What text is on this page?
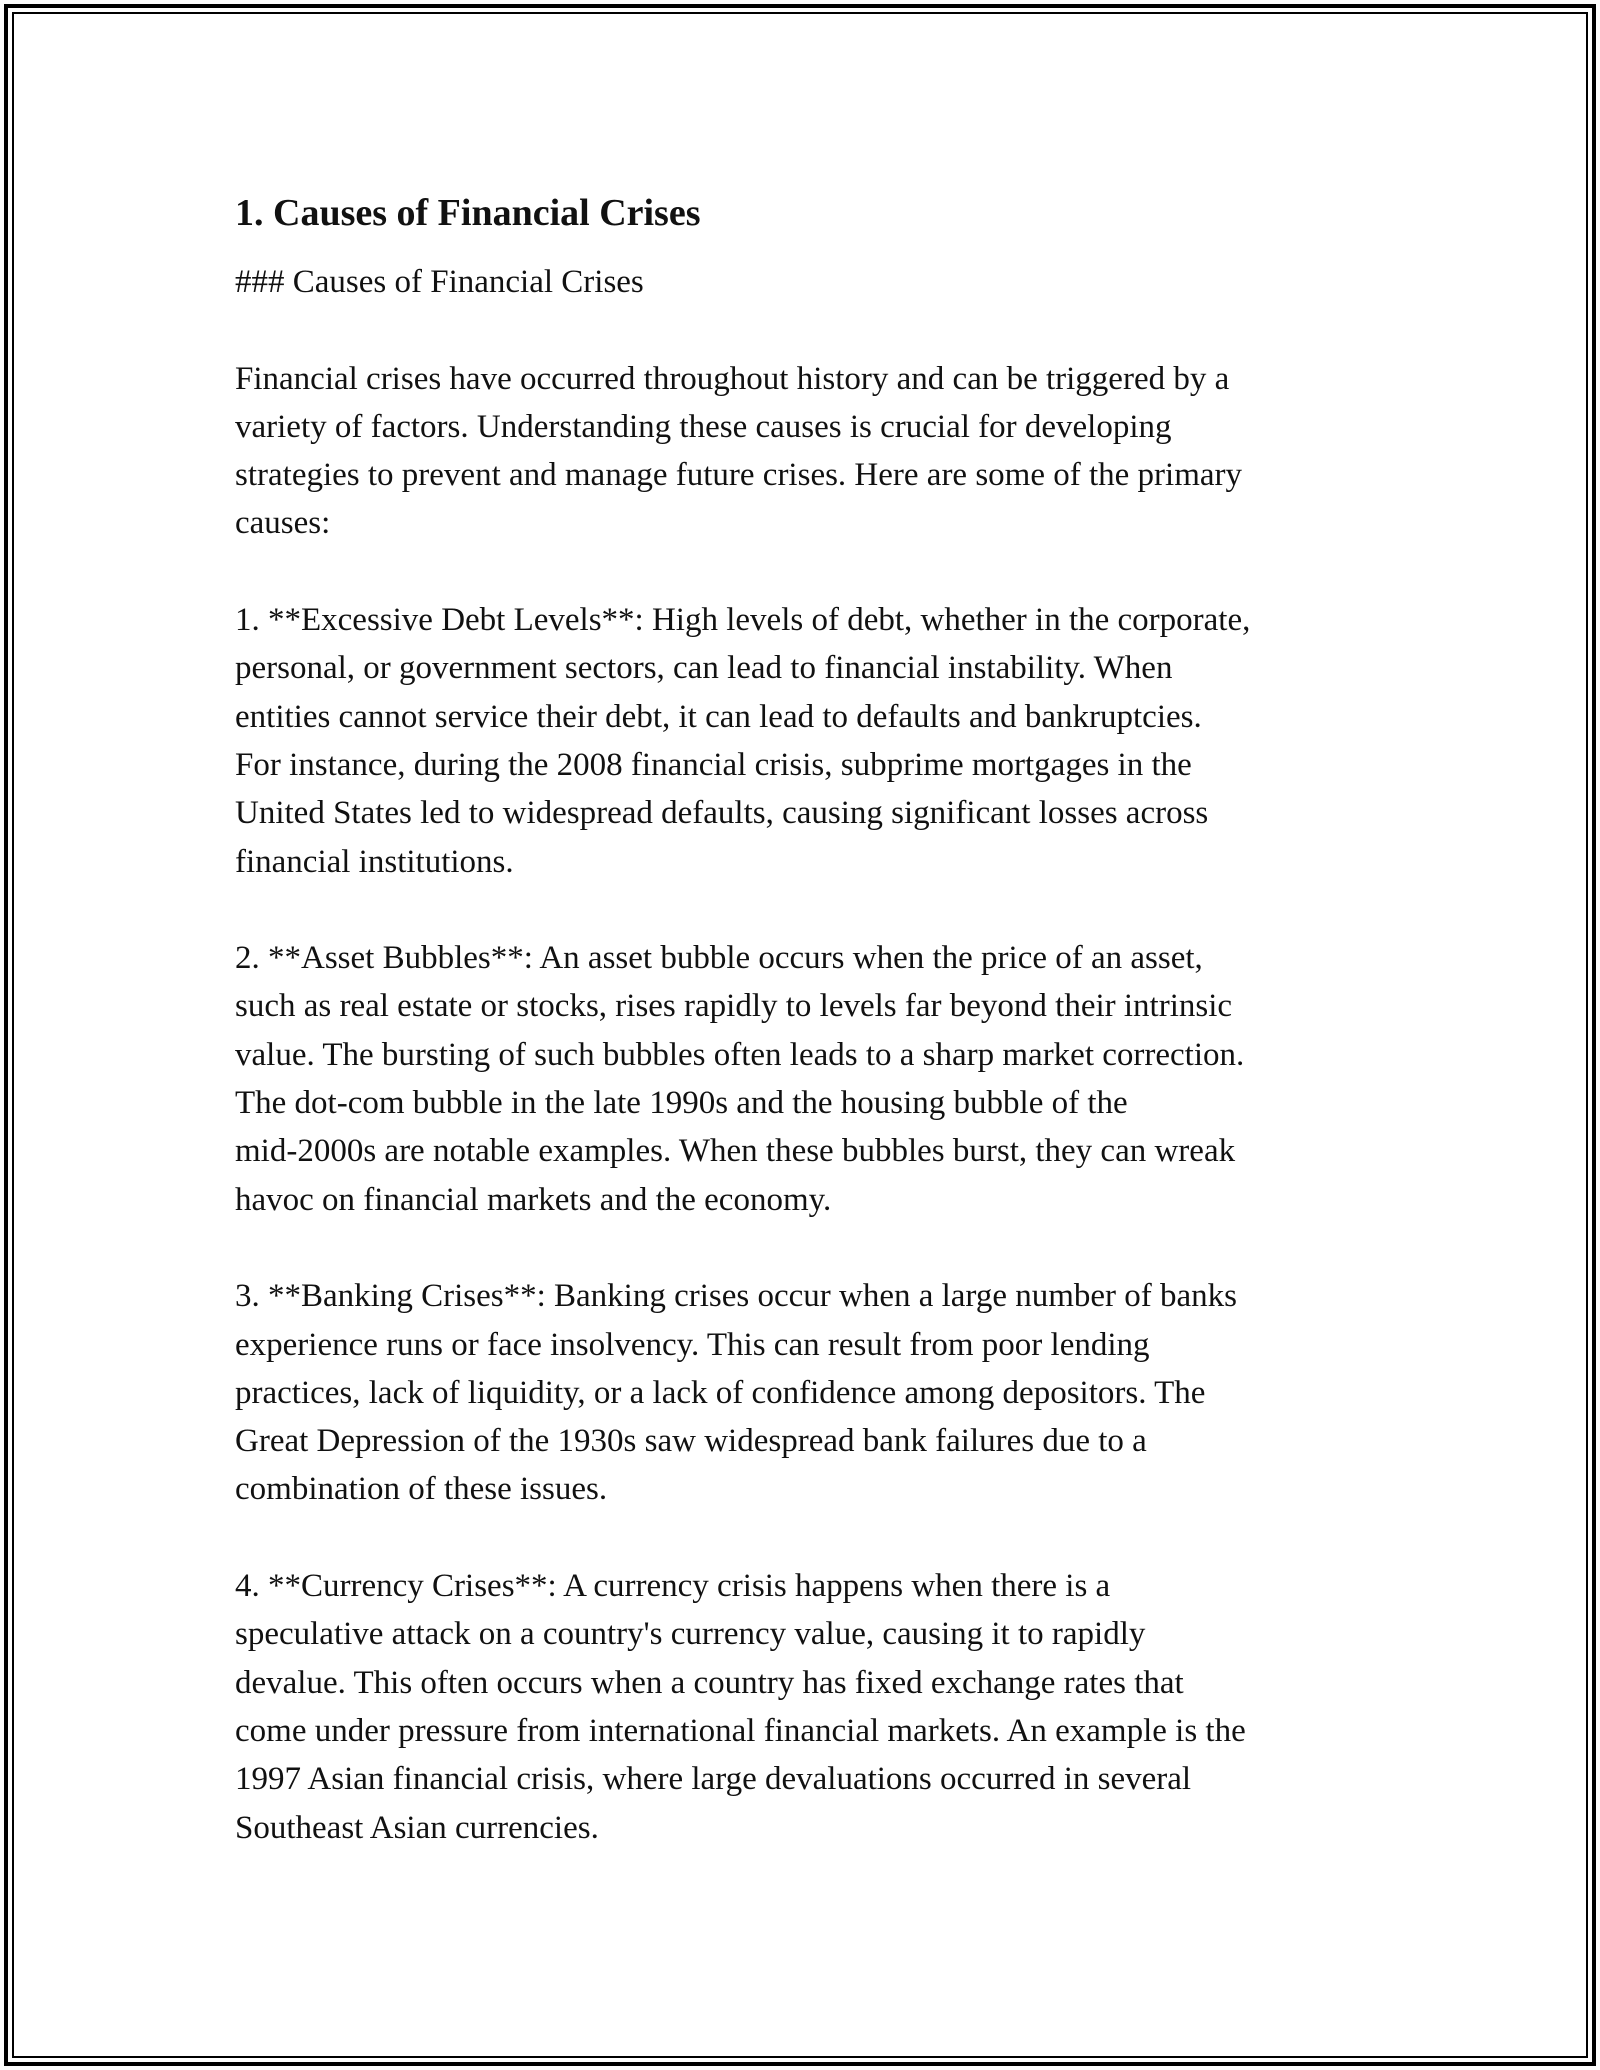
1. Causes of Financial Crises
### Causes of Financial Crises
Financial crises have occurred throughout history and can be triggered by a
variety of factors. Understanding these causes is crucial for developing
strategies to prevent and manage future crises. Here are some of the primary
causes:
1. **Excessive Debt Levels**: High levels of debt, whether in the corporate,
personal, or government sectors, can lead to financial instability. When
entities cannot service their debt, it can lead to defaults and bankruptcies.
For instance, during the 2008 financial crisis, subprime mortgages in the
United States led to widespread defaults, causing significant losses across
financial institutions.
2. **Asset Bubbles**: An asset bubble occurs when the price of an asset,
such as real estate or stocks, rises rapidly to levels far beyond their intrinsic
value. The bursting of such bubbles often leads to a sharp market correction.
The dot-com bubble in the late 1990s and the housing bubble of the
mid-2000s are notable examples. When these bubbles burst, they can wreak
havoc on financial markets and the economy.
3. **Banking Crises**: Banking crises occur when a large number of banks
experience runs or face insolvency. This can result from poor lending
practices, lack of liquidity, or a lack of confidence among depositors. The
Great Depression of the 1930s saw widespread bank failures due to a
combination of these issues.
4. **Currency Crises**: A currency crisis happens when there is a
speculative attack on a country's currency value, causing it to rapidly
devalue. This often occurs when a country has fixed exchange rates that
come under pressure from international financial markets. An example is the
1997 Asian financial crisis, where large devaluations occurred in several
Southeast Asian currencies.
